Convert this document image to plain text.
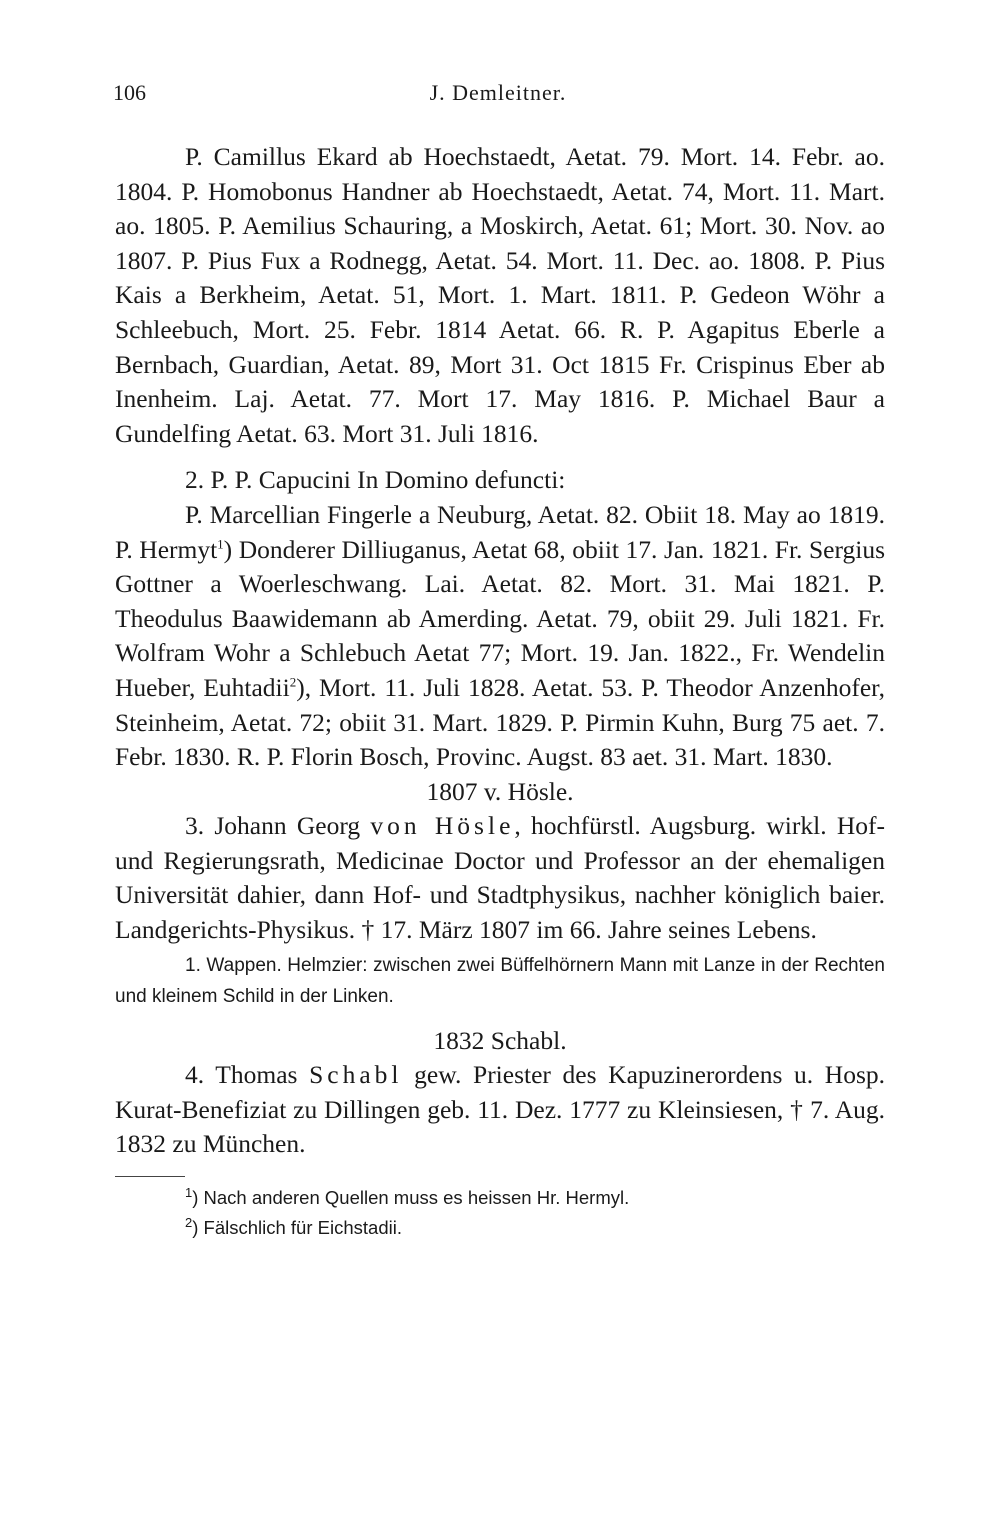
106	J. Demleitner.

P. Camillus Ekard ab Hoechstaedt, Aetat. 79. Mort. 14. Febr. ao. 1804. P. Homobonus Handner ab Hoechstaedt, Aetat. 74, Mort. 11. Mart. ao. 1805. P. Aemilius Schauring, a Moskirch, Aetat. 61; Mort. 30. Nov. ao 1807. P. Pius Fux a Rodnegg, Aetat. 54. Mort. 11. Dec. ao. 1808. P. Pius Kais a Berkheim, Aetat. 51, Mort. 1. Mart. 1811. P. Gedeon Wöhr a Schleebuch, Mort. 25. Febr. 1814 Aetat. 66. R. P. Agapitus Eberle a Bernbach, Guardian, Aetat. 89, Mort 31. Oct 1815 Fr. Crispinus Eber ab Inenheim. Laj. Aetat. 77. Mort 17. May 1816. P. Michael Baur a Gundelfing Aetat. 63. Mort 31. Juli 1816.

2. P. P. Capucini In Domino defuncti:

P. Marcellian Fingerle a Neuburg, Aetat. 82. Obiit 18. May ao 1819. P. Hermyt$^1$) Donderer Dilliuganus, Aetat 68, obiit 17. Jan. 1821. Fr. Sergius Gottner a Woerleschwang. Lai. Aetat. 82. Mort. 31. Mai 1821. P. Theodulus Baawidemann ab Amerding. Aetat. 79, obiit 29. Juli 1821. Fr. Wolfram Wohr a Schlebuch Aetat 77; Mort. 19. Jan. 1822., Fr. Wendelin Hueber, Euhtadii$^2$), Mort. 11. Juli 1828. Aetat. 53. P. Theodor Anzenhofer, Steinheim, Aetat. 72; obiit 31. Mart. 1829. P. Pirmin Kuhn, Burg 75 aet. 7. Febr. 1830. R. P. Florin Bosch, Provinc. Augst. 83 aet. 31. Mart. 1830.

1807 v. Hösle.

3. Johann Georg von Hösle, hochfürstl. Augsburg. wirkl. Hof- und Regierungsrath, Medicinae Doctor und Professor an der ehemaligen Universität dahier, dann Hof- und Stadtphysikus, nachher königlich baier. Landgerichts-Physikus. † 17. März 1807 im 66. Jahre seines Lebens.

1. Wappen. Helmzier: zwischen zwei Büffelhörnern Mann mit Lanze in der Rechten und kleinem Schild in der Linken.

1832 Schabl.

4. Thomas Schabl gew. Priester des Kapuzinerordens u. Hosp. Kurat-Benefiziat zu Dillingen geb. 11. Dez. 1777 zu Kleinsiesen, † 7. Aug. 1832 zu München.

$^1$) Nach anderen Quellen muss es heissen Hr. Hermyl.

$^2$) Fälschlich für Eichstadii.
